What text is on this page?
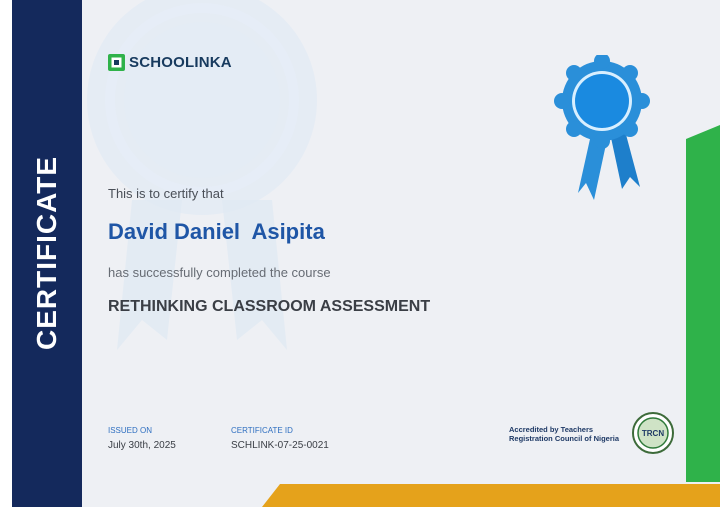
CERTIFICATE
SCHOOLINKA
This is to certify that
David Daniel  Asipita
has successfully completed the course
RETHINKING CLASSROOM ASSESSMENT
ISSUED ON
July 30th, 2025
CERTIFICATE ID
SCHLINK-07-25-0021
Accredited by Teachers
Registration Council of Nigeria
TRCN
